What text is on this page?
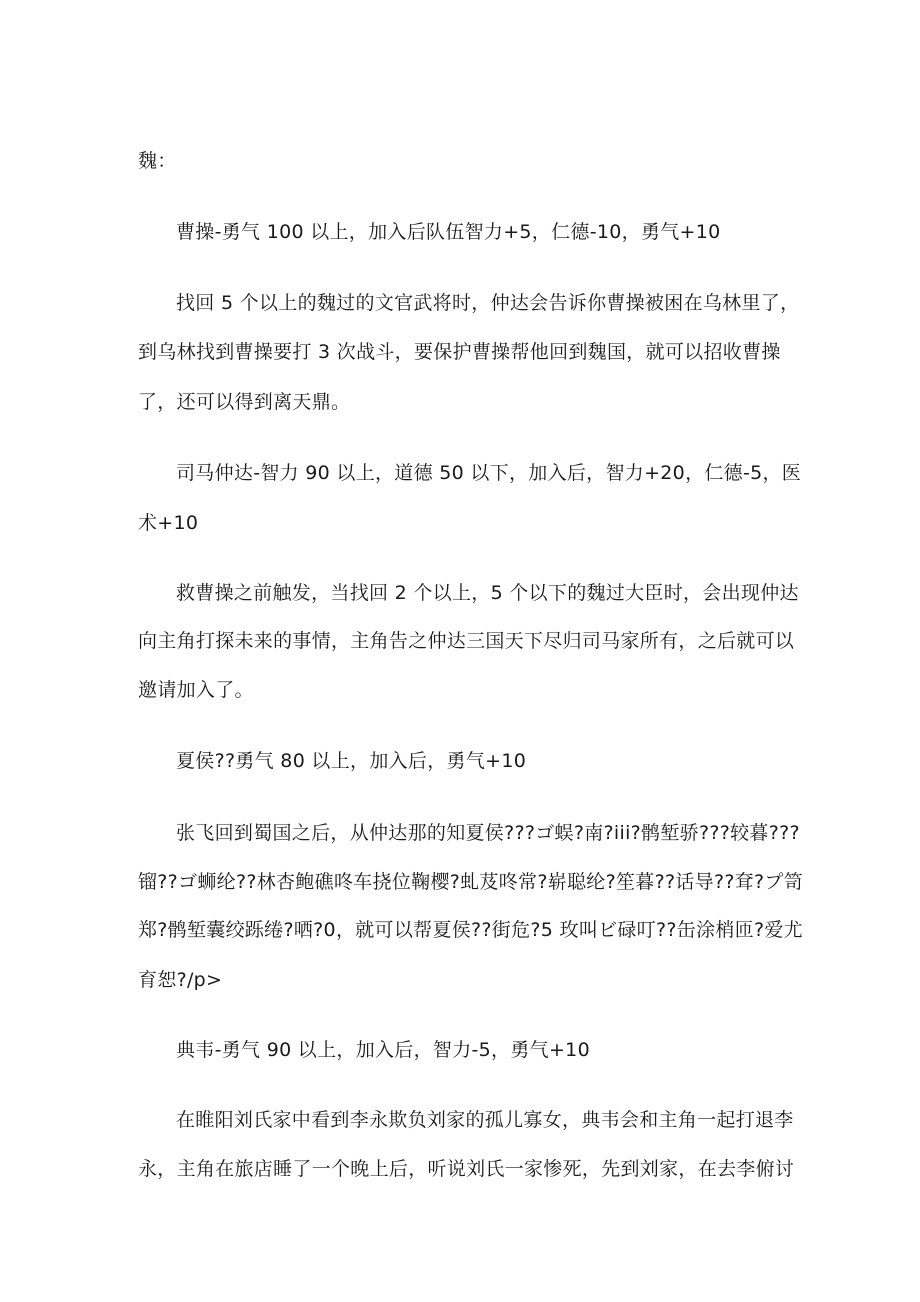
魏：
曹操-勇气 100 以上，加入后队伍智力+5，仁德-10，勇气+10
找回 5 个以上的魏过的文官武将时，仲达会告诉你曹操被困在乌林里了，
到乌林找到曹操要打 3 次战斗，要保护曹操帮他回到魏国，就可以招收曹操
了，还可以得到离天鼎。
司马仲达-智力 90 以上，道德 50 以下，加入后，智力+20，仁德-5，医
术+10
救曹操之前触发，当找回 2 个以上，5 个以下的魏过大臣时，会出现仲达
向主角打探未来的事情，主角告之仲达三国天下尽归司马家所有，之后就可以
邀请加入了。
夏侯??勇气 80 以上，加入后，勇气+10
张飞回到蜀国之后，从仲达那的知夏侯???ゴ蜈?南?iii?鹘堑骄???较暮???
镏??ゴ蛳纶??林杏鲍礁咚车挠位鞠樱?虬芨咚常?崭聪纶?笙暮??话导??耷?プ笥
郑?鹘堑囊绞跞绻?哂?0，就可以帮夏侯??街危?5 玫叫ビ碌叮??缶涂梢匝?爱尤
育恕?/p>
典韦-勇气 90 以上，加入后，智力-5，勇气+10
在睢阳刘氏家中看到李永欺负刘家的孤儿寡女，典韦会和主角一起打退李
永，主角在旅店睡了一个晚上后，听说刘氏一家惨死，先到刘家，在去李俯讨
